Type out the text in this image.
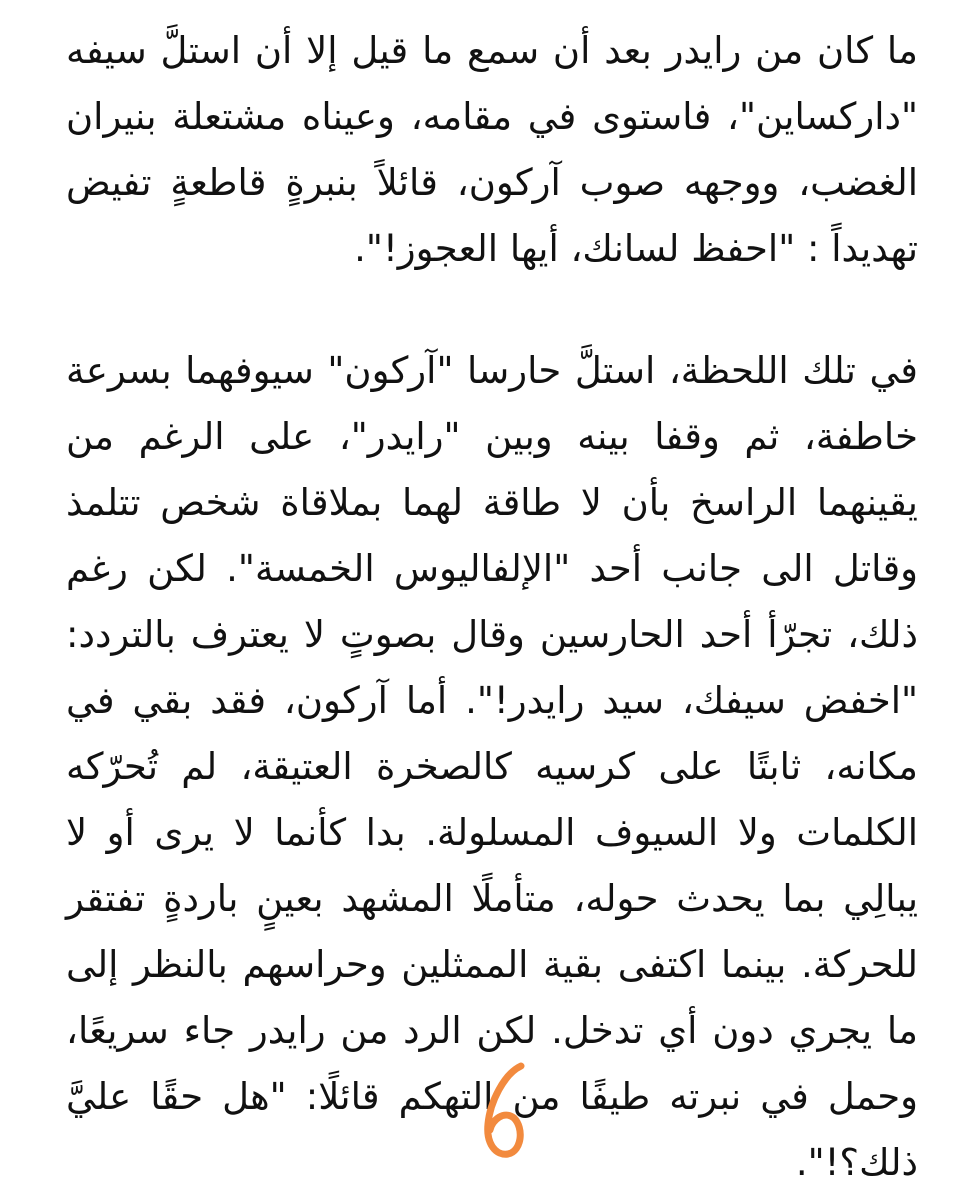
ما كان من رايدر بعد أن سمع ما قيل إلا أن استلَّ سيفه
"داركساين"، فاستوى في مقامه، وعيناه مشتعلة بنيران
الغضب، ووجهه صوب آركون، قائلاً بنبرةٍ قاطعةٍ تفيض
تهديداً : "احفظ لسانك، أيها العجوز!".
في تلك اللحظة، استلَّ حارسا "آركون" سيوفهما بسرعة
خاطفة، ثم وقفا بينه وبين "رايدر"، على الرغم من
يقينهما الراسخ بأن لا طاقة لهما بملاقاة شخص تتلمذ
وقاتل الى جانب أحد "الإلفاليوس الخمسة". لكن رغم
ذلك، تجرّأ أحد الحارسين وقال بصوتٍ لا يعترف بالتردد:
"اخفض سيفك، سيد رايدر!". أما آركون، فقد بقي في
مكانه، ثابتًا على كرسيه كالصخرة العتيقة، لم تُحرّكه
الكلمات ولا السيوف المسلولة. بدا كأنما لا يرى أو لا
يبالِي بما يحدث حوله، متأملًا المشهد بعينٍ باردةٍ تفتقر
للحركة. بينما اكتفى بقية الممثلين وحراسهم بالنظر إلى
ما يجري دون أي تدخل. لكن الرد من رايدر جاء سريعًا،
وحمل في نبرته طيفًا من التهكم قائلًا: "هل حقًا عليَّ
ذلك؟!".
